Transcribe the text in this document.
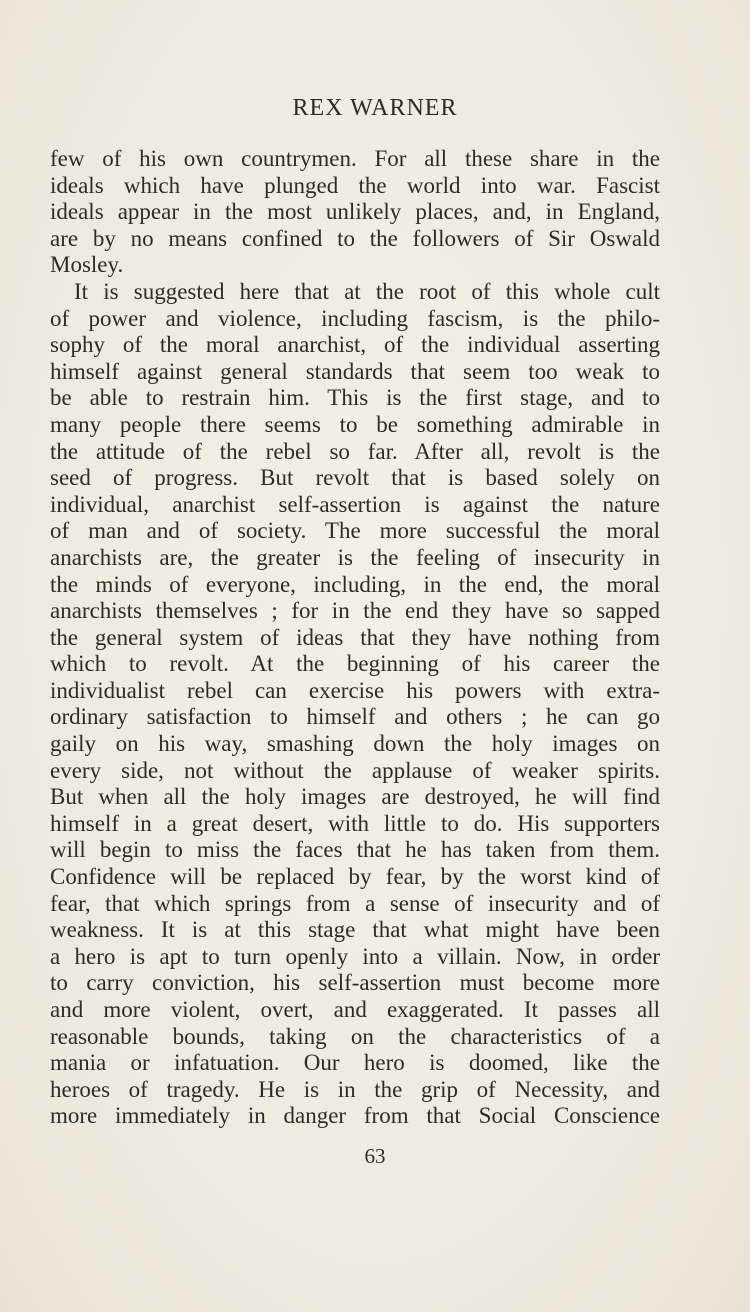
REX WARNER
few of his own countrymen. For all these share in the
ideals which have plunged the world into war. Fascist
ideals appear in the most unlikely places, and, in England,
are by no means confined to the followers of Sir Oswald
Mosley.
It is suggested here that at the root of this whole cult
of power and violence, including fascism, is the philo-
sophy of the moral anarchist, of the individual asserting
himself against general standards that seem too weak to
be able to restrain him. This is the first stage, and to
many people there seems to be something admirable in
the attitude of the rebel so far. After all, revolt is the
seed of progress. But revolt that is based solely on
individual, anarchist self-assertion is against the nature
of man and of society. The more successful the moral
anarchists are, the greater is the feeling of insecurity in
the minds of everyone, including, in the end, the moral
anarchists themselves ; for in the end they have so sapped
the general system of ideas that they have nothing from
which to revolt. At the beginning of his career the
individualist rebel can exercise his powers with extra-
ordinary satisfaction to himself and others ; he can go
gaily on his way, smashing down the holy images on
every side, not without the applause of weaker spirits.
But when all the holy images are destroyed, he will find
himself in a great desert, with little to do. His supporters
will begin to miss the faces that he has taken from them.
Confidence will be replaced by fear, by the worst kind of
fear, that which springs from a sense of insecurity and of
weakness. It is at this stage that what might have been
a hero is apt to turn openly into a villain. Now, in order
to carry conviction, his self-assertion must become more
and more violent, overt, and exaggerated. It passes all
reasonable bounds, taking on the characteristics of a
mania or infatuation. Our hero is doomed, like the
heroes of tragedy. He is in the grip of Necessity, and
more immediately in danger from that Social Conscience
63
